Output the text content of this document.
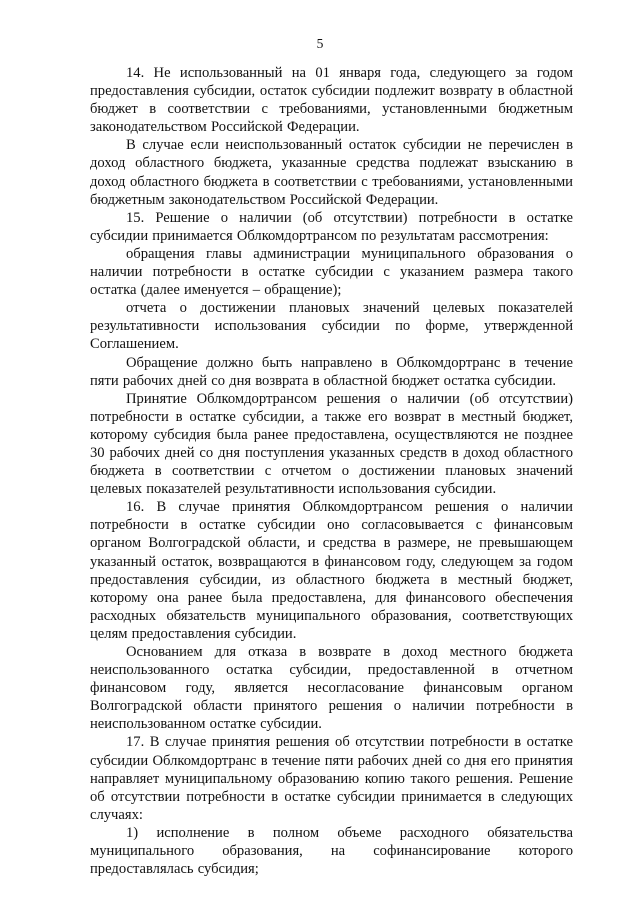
5

14. Не использованный на 01 января года, следующего за годом предоставления субсидии, остаток субсидии подлежит возврату в областной бюджет в соответствии с требованиями, установленными бюджетным законодательством Российской Федерации.

В случае если неиспользованный остаток субсидии не перечислен в доход областного бюджета, указанные средства подлежат взысканию в доход областного бюджета в соответствии с требованиями, установленными бюджетным законодательством Российской Федерации.

15. Решение о наличии (об отсутствии) потребности в остатке субсидии принимается Облкомдортрансом по результатам рассмотрения:

обращения главы администрации муниципального образования о наличии потребности в остатке субсидии с указанием размера такого остатка (далее именуется – обращение);

отчета о достижении плановых значений целевых показателей результативности использования субсидии по форме, утвержденной Соглашением.

Обращение должно быть направлено в Облкомдортранс в течение пяти рабочих дней со дня возврата в областной бюджет остатка субсидии.

Принятие Облкомдортрансом решения о наличии (об отсутствии) потребности в остатке субсидии, а также его возврат в местный бюджет, которому субсидия была ранее предоставлена, осуществляются не позднее 30 рабочих дней со дня поступления указанных средств в доход областного бюджета в соответствии с отчетом о достижении плановых значений целевых показателей результативности использования субсидии.

16. В случае принятия Облкомдортрансом решения о наличии потребности в остатке субсидии оно согласовывается с финансовым органом Волгоградской области, и средства в размере, не превышающем указанный остаток, возвращаются в финансовом году, следующем за годом предоставления субсидии, из областного бюджета в местный бюджет, которому она ранее была предоставлена, для финансового обеспечения расходных обязательств муниципального образования, соответствующих целям предоставления субсидии.

Основанием для отказа в возврате в доход местного бюджета неиспользованного остатка субсидии, предоставленной в отчетном финансовом году, является несогласование финансовым органом Волгоградской области принятого решения о наличии потребности в неиспользованном остатке субсидии.

17. В случае принятия решения об отсутствии потребности в остатке субсидии Облкомдортранс в течение пяти рабочих дней со дня его принятия направляет муниципальному образованию копию такого решения. Решение об отсутствии потребности в остатке субсидии принимается в следующих случаях:

1) исполнение в полном объеме расходного обязательства муниципального образования, на софинансирование которого предоставлялась субсидия;
